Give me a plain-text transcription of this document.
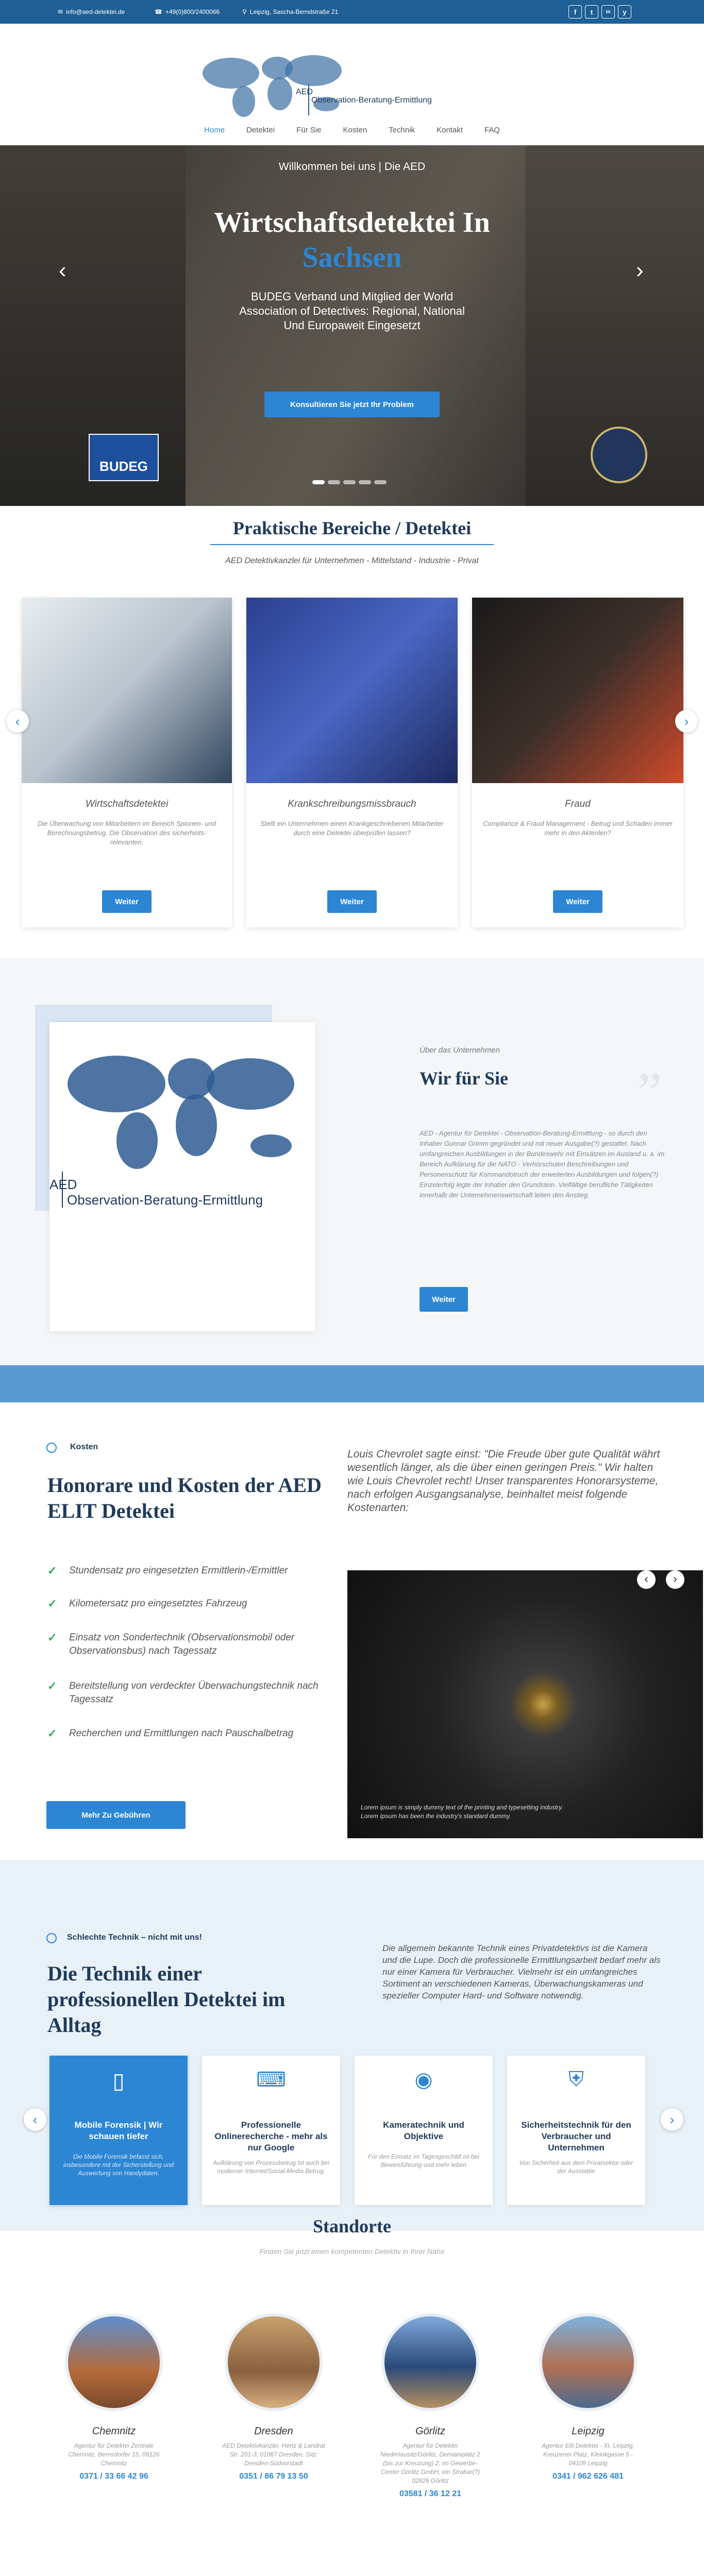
✉ info@aed-detektei.de	☎ +49(0)800/2400066	⚲ Leipzig, Sascha-Berndstraße 21	f	t	in	y
AED
Observation-Beratung-Ermittlung
Home	Detektei	Für Sie	Kosten	Technik	Kontakt	FAQ
Willkommen bei uns | Die AED
Wirtschaftsdetektei In
Sachsen
BUDEG Verband und Mitglied der World Association of Detectives: Regional, National Und Europaweit Eingesetzt
Konsultieren Sie jetzt Ihr Problem
‹	›
BUDEG
Praktische Bereiche / Detektei
AED Detektivkanzlei für Unternehmen - Mittelstand - Industrie - Privat
Wirtschaftsdetektei
Die Überwachung von Mitarbeitern im Bereich Spionen- und Berechnungsbetrug. Die Observation des sicherheits-relevanten.
Weiter
Krankschreibungsmissbrauch
Stellt ein Unternehmen einen Krankgeschriebenen Mitarbeiter durch eine Detektei überprüfen lassen?
Weiter
Fraud
Compliance & Fraud Management - Betrug und Schaden immer mehr in den Aktenlen?
Weiter
‹	›
AED
Observation-Beratung-Ermittlung
Über das Unternehmen
Wir für Sie ”
AED - Agentur für Detektei - Observation-Beratung-Ermittlung - so durch den Inhaber Gunnar Grimm gegründet und mit neuer Ausgabe(?) gestaltet. Nach umfangreichen Ausbildungen in der Bundeswehr mit Einsätzen im Ausland u. a. im Bereich Aufklärung für die NATO - Verhörschulen Beschreibungen und Personenschutz für Kommandotruch der erweiterten Ausbildungen und folgen(?) Einzelerfolg legte der Inhaber den Grundstein. Vielfältige berufliche Tätigkeiten innerhalb der Unternehmenswirtschaft leiten den Anstieg.
Weiter
Kosten
Honorare und Kosten der AED ELIT Detektei
Louis Chevrolet sagte einst: "Die Freude über gute Qualität währt wesentlich länger, als die über einen geringen Preis." Wir halten wie Louis Chevrolet recht! Unser transparentes Honorarsysteme, nach erfolgen Ausgangsanalyse, beinhaltet meist folgende Kostenarten:
✓ Stundensatz pro eingesetzten Ermittlerin-/Ermittler
✓ Kilometersatz pro eingesetztes Fahrzeug
✓ Einsatz von Sondertechnik (Observationsmobil oder Observationsbus) nach Tagessatz
✓ Bereitstellung von verdeckter Überwachungstechnik nach Tagessatz
✓ Recherchen und Ermittlungen nach Pauschalbetrag
Mehr Zu Gebühren
Lorem ipsum is simply dummy text of the printing and typesetting industry. Lorem Ipsum has been the industry's standard dummy.
‹	›
Schlechte Technik – nicht mit uns!
Die Technik einer professionellen Detektei im Alltag
Die allgemein bekannte Technik eines Privatdetektivs ist die Kamera und die Lupe. Doch die professionelle Ermittlungsarbeit bedarf mehr als nur einer Kamera für Verbraucher. Vielmehr ist ein umfangreiches Sortiment an verschiedenen Kameras, Überwachungskameras und spezieller Computer Hard- und Software notwendig.
▯
Mobile Forensik | Wir schauen tiefer
Die Mobile Forensik befasst sich, insbesondere mit der Sicherstellung und Auswertung von Handydaten.
⌨
Professionelle Onlinerecherche - mehr als nur Google
Aufklärung von Prozessbetrug Ist auch bei moderner Internet/Social-Media Betrug.
◉
Kameratechnik und Objektive
Für den Einsatz im Tagesgeschäft ist bei Beweisführung und mehr leben
⛨
Sicherheitstechnik für den Verbraucher und Unternehmen
Von Sicherheit aus dem Privatsektor oder der Ausstattie
‹	›
Standorte
Finden Sie jetzt einen kompetenten Detektiv in Ihrer Nähe
Chemnitz
Agentur für Detektei Zentrale Chemnitz, Bernsdorfer 15, 09126 Chemnitz
0371 / 33 66 42 96
Dresden
AED Detektivkanzlei, Hertz & Landrat Str. 201-3, 01067 Dresden, Sitz: Dresden-Südvorstadt
0351 / 86 79 13 50
Görlitz
Agentur für Detektei Niederlausitz/Görlitz, Demianiplatz 2 (bis zur Kreuzung) 2, im Gewerbe-Center Görlitz GmbH, ein Strabar(?) 02826 Görlitz
03581 / 36 12 21
Leipzig
Agentur Elit Detektei - XI. Leipzig, Kreuzener Platz, Kleinkgasse 5 - 04109 Leipzig
0341 / 962 626 481
